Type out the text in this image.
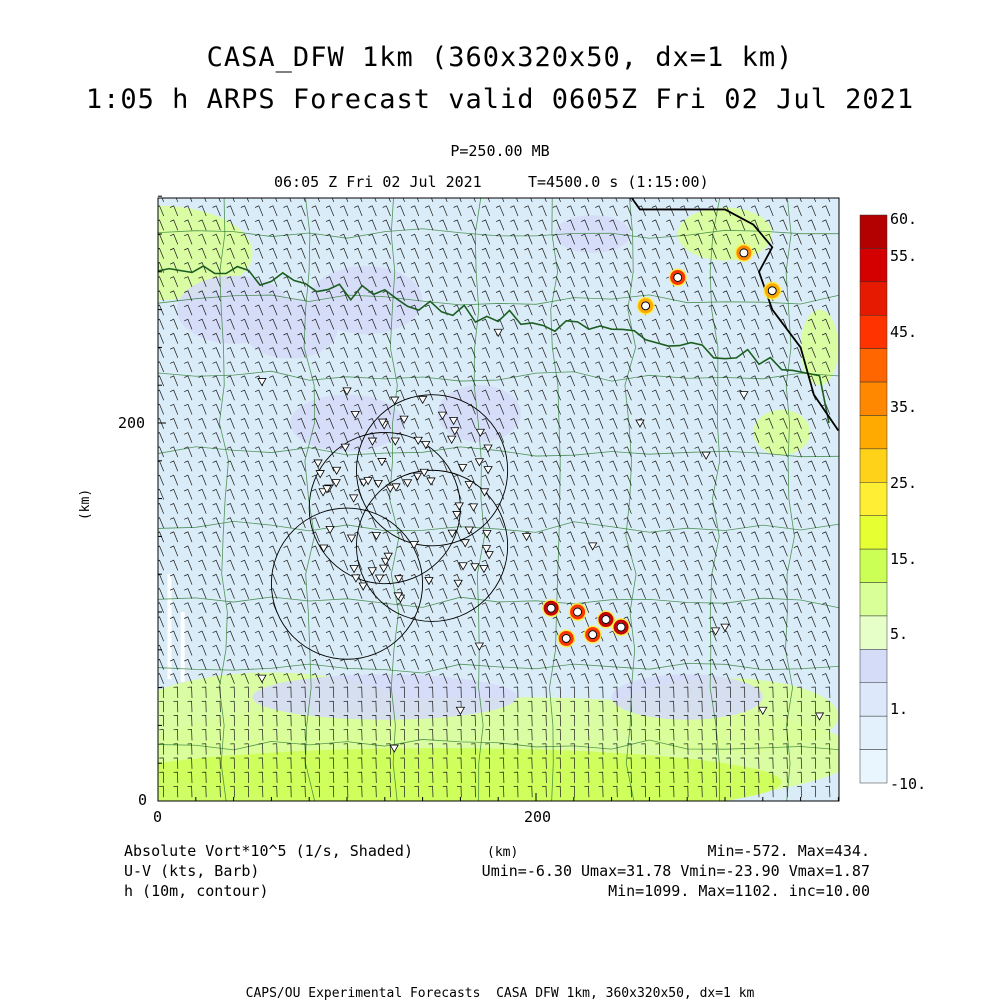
60.
55.
45.
35.
25.
15.
5.
1.
-10.
CASA_DFW 1km (360x320x50, dx=1 km)
1:05 h ARPS Forecast valid 0605Z Fri 02 Jul 2021
P=250.00 MB
06:05 Z Fri 02 Jul 2021	T=4500.0 s (1:15:00)
0	200
0
200
(km)
Absolute Vort*10^5 (1/s, Shaded)
U-V (kts, Barb)
h (10m, contour)
(km)	Min=-572. Max=434.
Umin=-6.30 Umax=31.78 Vmin=-23.90 Vmax=1.87
Min=1099. Max=1102. inc=10.00
CAPS/OU Experimental Forecasts  CASA DFW 1km, 360x320x50, dx=1 km
